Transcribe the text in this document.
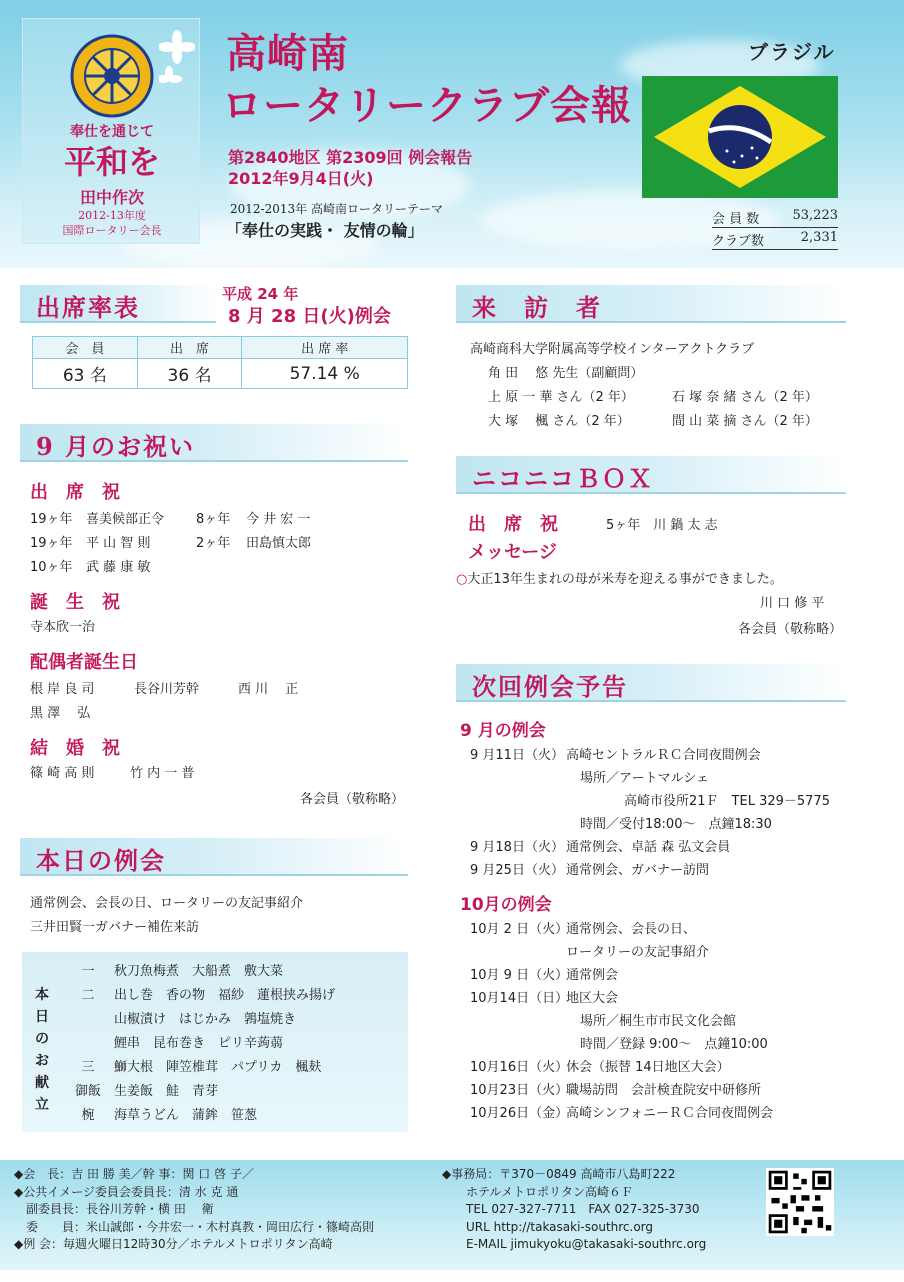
奉仕を通じて
平和を
田中作次
2012-13年度
国際ロータリー会長
高崎南
ロータリークラブ会報
第2840地区 第2309回 例会報告
2012年9月4日(火)
2012-2013年 高崎南ロータリーテーマ
「奉仕の実践・ 友情の輪」
ブラジル
会 員 数	53,223
クラブ数	2,331
出席率表	平成 24 年
8 月 28 日(火)例会
会　員	出　席	出 席 率
63 名	36 名	57.14 %
9 月のお祝い
出　席　祝
19ヶ年 喜美候部正令 8ヶ年 今 井 宏 一
19ヶ年 平 山 智 則	2ヶ年 田島慎太郎
10ヶ年 武 藤 康 敏
誕　生　祝
寺本欣一治
配偶者誕生日
根 岸 良 司	長谷川芳幹	西 川　 正
黒 澤　 弘
結　婚　祝
篠 崎 高 則	竹 内 一 普
各会員（敬称略）
本日の例会
通常例会、会長の日、ロータリーの友記事紹介
三井田賢一ガバナー補佐来訪
本
日
の
お
献
立
一 秋刀魚梅煮　大船煮　敷大菜
二 出し巻　香の物　福紗　蓮根挟み揚げ
山椒漬け　はじかみ　鶉塩焼き
鯉串　昆布巻き　ピリ辛蒟蒻
三 鰤大根　陣笠椎茸　パプリカ　楓麸
御飯 生姜飯　鮭　青芽
椀 海草うどん　蒲鉾　笹葱
来　訪　者
高崎商科大学附属高等学校インターアクトクラブ
角 田　 悠 先生（副顧問）
上 原 一 華 さん（2 年）	石 塚 奈 緒 さん（2 年）
大 塚　 楓 さん（2 年）	間 山 菜 摘 さん（2 年）
ニコニコＢＯＸ
出　席　祝	5ヶ年　川 鍋 太 志
メッセージ
○大正13年生まれの母が米寿を迎える事ができました。
川 口 修 平
各会員（敬称略）
次回例会予告
9 月の例会
9 月11日（火） 高崎セントラルＲＣ合同夜間例会
場所／アートマルシェ
高崎市役所21Ｆ　TEL 329－5775
時間／受付18:00～　点鐘18:30
9 月18日（火） 通常例会、卓話 森 弘文会員
9 月25日（火） 通常例会、ガバナー訪問
10月の例会
10月 2 日（火）通常例会、会長の日、
ロータリーの友記事紹介
10月 9 日（火）通常例会
10月14日（日）地区大会
場所／桐生市市民文化会館
時間／登録 9:00～　点鐘10:00
10月16日（火）休会（振替 14日地区大会）
10月23日（火）職場訪問　会計検査院安中研修所
10月26日（金）高崎シンフォニーＲＣ合同夜間例会
◆会　長：吉 田 勝 美／幹 事：関 口 啓 子／
◆公共イメージ委員会委員長：清 水 克 通
　副委員長：長谷川芳幹・横 田　 衛
　委　　員：米山誠郎・今井宏一・木村真教・岡田広行・篠崎高則
◆例 会：毎週火曜日12時30分／ホテルメトロポリタン高崎
◆事務局：〒370－0849 高崎市八島町222
ホテルメトロポリタン高崎６Ｆ
TEL 027-327-7711　FAX 027-325-3730
URL http://takasaki-southrc.org
E-MAIL jimukyoku@takasaki-southrc.org
